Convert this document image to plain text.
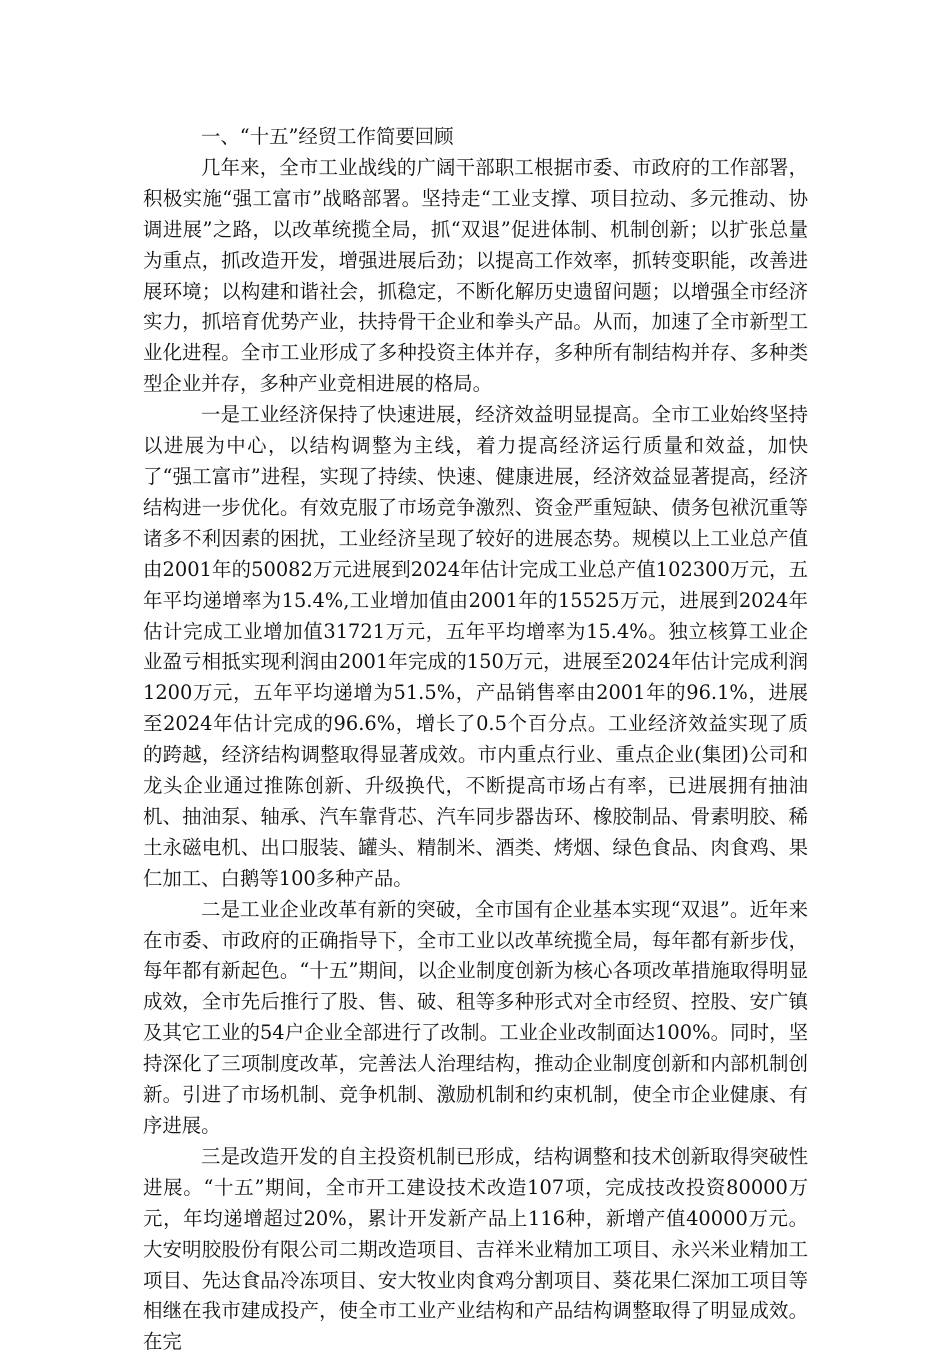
一、“十五”经贸工作简要回顾

几年来，全市工业战线的广阔干部职工根据市委、市政府的工作部署，积极实施“强工富市”战略部署。坚持走“工业支撑、项目拉动、多元推动、协调进展”之路，以改革统揽全局，抓“双退”促进体制、机制创新；以扩张总量为重点，抓改造开发，增强进展后劲；以提高工作效率，抓转变职能，改善进展环境；以构建和谐社会，抓稳定，不断化解历史遗留问题；以增强全市经济实力，抓培育优势产业，扶持骨干企业和拳头产品。从而，加速了全市新型工业化进程。全市工业形成了多种投资主体并存，多种所有制结构并存、多种类型企业并存，多种产业竞相进展的格局。

一是工业经济保持了快速进展，经济效益明显提高。全市工业始终坚持以进展为中心，以结构调整为主线，着力提高经济运行质量和效益，加快了“强工富市”进程，实现了持续、快速、健康进展，经济效益显著提高，经济结构进一步优化。有效克服了市场竞争激烈、资金严重短缺、债务包袱沉重等诸多不利因素的困扰，工业经济呈现了较好的进展态势。规模以上工业总产值由2001年的50082万元进展到2024年估计完成工业总产值102300万元，五年平均递增率为15.4%,工业增加值由2001年的15525万元，进展到2024年估计完成工业增加值31721万元，五年平均增率为15.4%。独立核算工业企业盈亏相抵实现利润由2001年完成的150万元，进展至2024年估计完成利润1200万元，五年平均递增为51.5%，产品销售率由2001年的96.1%，进展至2024年估计完成的96.6%，增长了0.5个百分点。工业经济效益实现了质的跨越，经济结构调整取得显著成效。市内重点行业、重点企业(集团)公司和龙头企业通过推陈创新、升级换代，不断提高市场占有率，已进展拥有抽油机、抽油泵、轴承、汽车靠背芯、汽车同步器齿环、橡胶制品、骨素明胶、稀土永磁电机、出口服装、罐头、精制米、酒类、烤烟、绿色食品、肉食鸡、果仁加工、白鹅等100多种产品。

二是工业企业改革有新的突破，全市国有企业基本实现“双退”。近年来在市委、市政府的正确指导下，全市工业以改革统揽全局，每年都有新步伐，每年都有新起色。“十五”期间，以企业制度创新为核心各项改革措施取得明显成效，全市先后推行了股、售、破、租等多种形式对全市经贸、控股、安广镇及其它工业的54户企业全部进行了改制。工业企业改制面达100%。同时，坚持深化了三项制度改革，完善法人治理结构，推动企业制度创新和内部机制创新。引进了市场机制、竞争机制、激励机制和约束机制，使全市企业健康、有序进展。

三是改造开发的自主投资机制已形成，结构调整和技术创新取得突破性进展。“十五”期间，全市开工建设技术改造107项，完成技改投资80000万元，年均递增超过20%，累计开发新产品上116种，新增产值40000万元。大安明胶股份有限公司二期改造项目、吉祥米业精加工项目、永兴米业精加工项目、先达食品冷冻项目、安大牧业肉食鸡分割项目、葵花果仁深加工项目等相继在我市建成投产，使全市工业产业结构和产品结构调整取得了明显成效。在完
